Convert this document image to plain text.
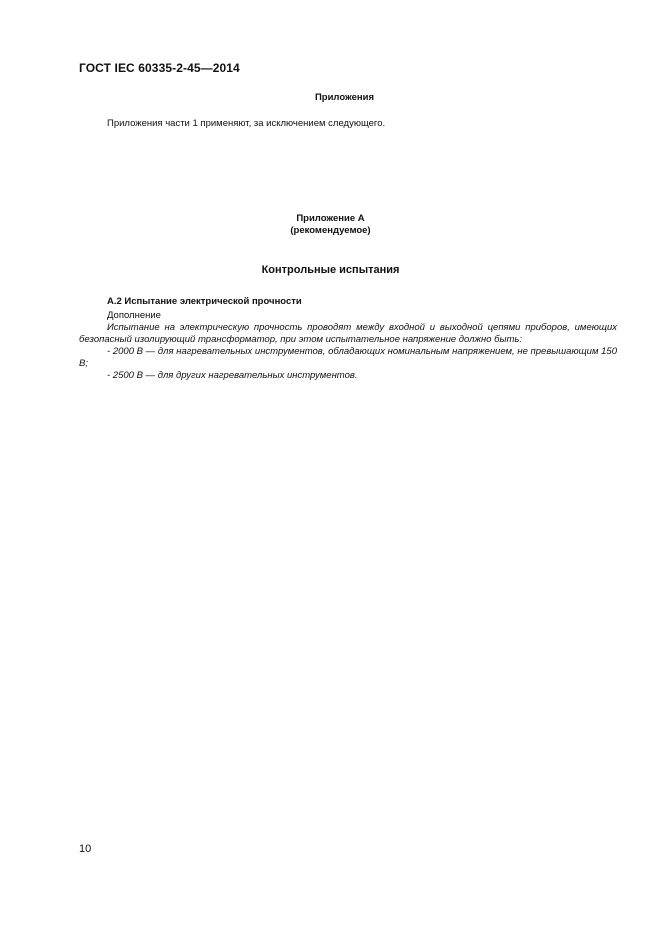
ГОСТ IEC 60335-2-45—2014
Приложения
Приложения части 1 применяют, за исключением следующего.
Приложение А
(рекомендуемое)
Контрольные испытания
А.2 Испытание электрической прочности

Дополнение

Испытание на электрическую прочность проводят между входной и выходной цепями приборов, имеющих безопасный изолирующий трансформатор, при этом испытательное напряжение должно быть:

- 2000 В — для нагревательных инструментов, обладающих номинальным напряжением, не превышающим 150 В;

- 2500 В — для других нагревательных инструментов.

10
